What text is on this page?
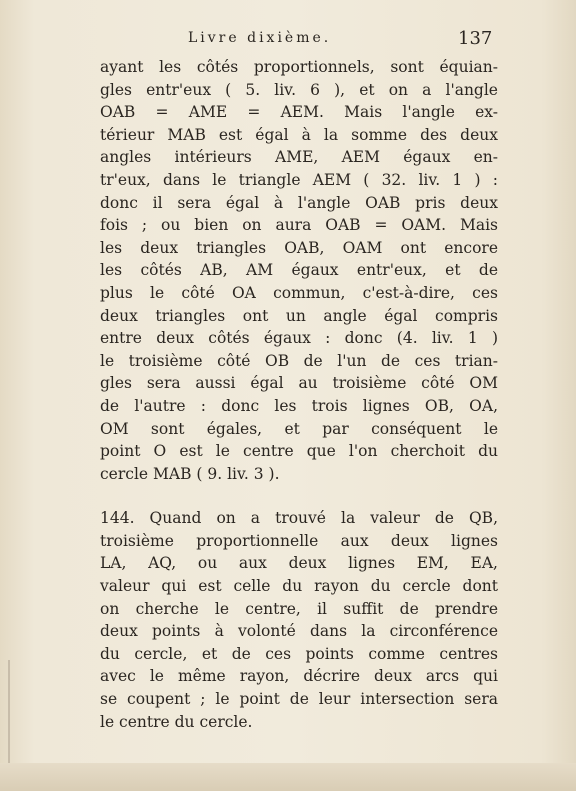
Livre dixième.	137
ayant les côtés proportionnels, sont équian-
gles entr'eux ( 5. liv. 6 ), et on a l'angle
OAB = AME = AEM. Mais l'angle ex-
térieur MAB est égal à la somme des deux
angles intérieurs AME, AEM égaux en-
tr'eux, dans le triangle AEM ( 32. liv. 1 ) :
donc il sera égal à l'angle OAB pris deux
fois ; ou bien on aura OAB = OAM. Mais
les deux triangles OAB, OAM ont encore
les côtés AB, AM égaux entr'eux, et de
plus le côté OA commun, c'est-à-dire, ces
deux triangles ont un angle égal compris
entre deux côtés égaux : donc (4. liv. 1 )
le troisième côté OB de l'un de ces trian-
gles sera aussi égal au troisième côté OM
de l'autre : donc les trois lignes OB, OA,
OM sont égales, et par conséquent le
point O est le centre que l'on cherchoit du
cercle MAB ( 9. liv. 3 ).
144. Quand on a trouvé la valeur de QB,
troisième proportionnelle aux deux lignes
LA, AQ, ou aux deux lignes EM, EA,
valeur qui est celle du rayon du cercle dont
on cherche le centre, il suffit de prendre
deux points à volonté dans la circonférence
du cercle, et de ces points comme centres
avec le même rayon, décrire deux arcs qui
se coupent ; le point de leur intersection sera
le centre du cercle.
